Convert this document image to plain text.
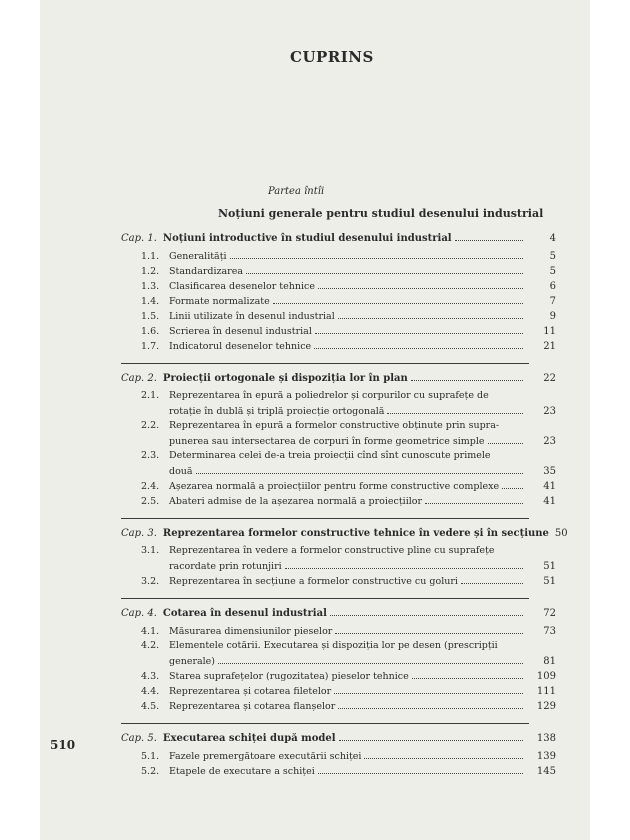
CUPRINS
Noțiuni generale pentru studiul desenului industrial
Cap. 1. Noțiuni introductive în studiul desenului industrial	4
1.1.	Generalități	5
1.2.	Standardizarea	5
1.3.	Clasificarea desenelor tehnice	6
1.4.	Formate normalizate	7
1.5.	Linii utilizate în desenul industrial	9
1.6.	Scrierea în desenul industrial	11
1.7.	Indicatorul desenelor tehnice	21
Cap. 2. Proiecții ortogonale și dispoziția lor în plan	22
2.1.	Reprezentarea în epură a poliedrelor și corpurilor cu suprafețe de
rotație în dublă și triplă proiecție ortogonală	23
2.2.	Reprezentarea în epură a formelor constructive obținute prin supra-
punerea sau intersectarea de corpuri în forme geometrice simple	23
2.3.	Determinarea celei de-a treia proiecții cînd sînt cunoscute primele
două	35
2.4.	Așezarea normală a proiecțiilor pentru forme constructive complexe	41
2.5.	Abateri admise de la așezarea normală a proiecțiilor	41
Cap. 3. Reprezentarea formelor constructive tehnice în vedere și în secțiune 50
3.1.	Reprezentarea în vedere a formelor constructive pline cu suprafețe
racordate prin rotunjiri	51
3.2.	Reprezentarea în secțiune a formelor constructive cu goluri	51
Cap. 4. Cotarea în desenul industrial	72
4.1.	Măsurarea dimensiunilor pieselor	73
4.2.	Elementele cotării. Executarea și dispoziția lor pe desen (prescripții
generale)	81
4.3.	Starea suprafețelor (rugozitatea) pieselor tehnice	109
4.4.	Reprezentarea și cotarea filetelor	111
4.5.	Reprezentarea și cotarea flanșelor	129
Cap. 5. Executarea schiței după model	138
5.1.	Fazele premergătoare executării schiței	139
5.2.	Etapele de executare a schiței	145
510
